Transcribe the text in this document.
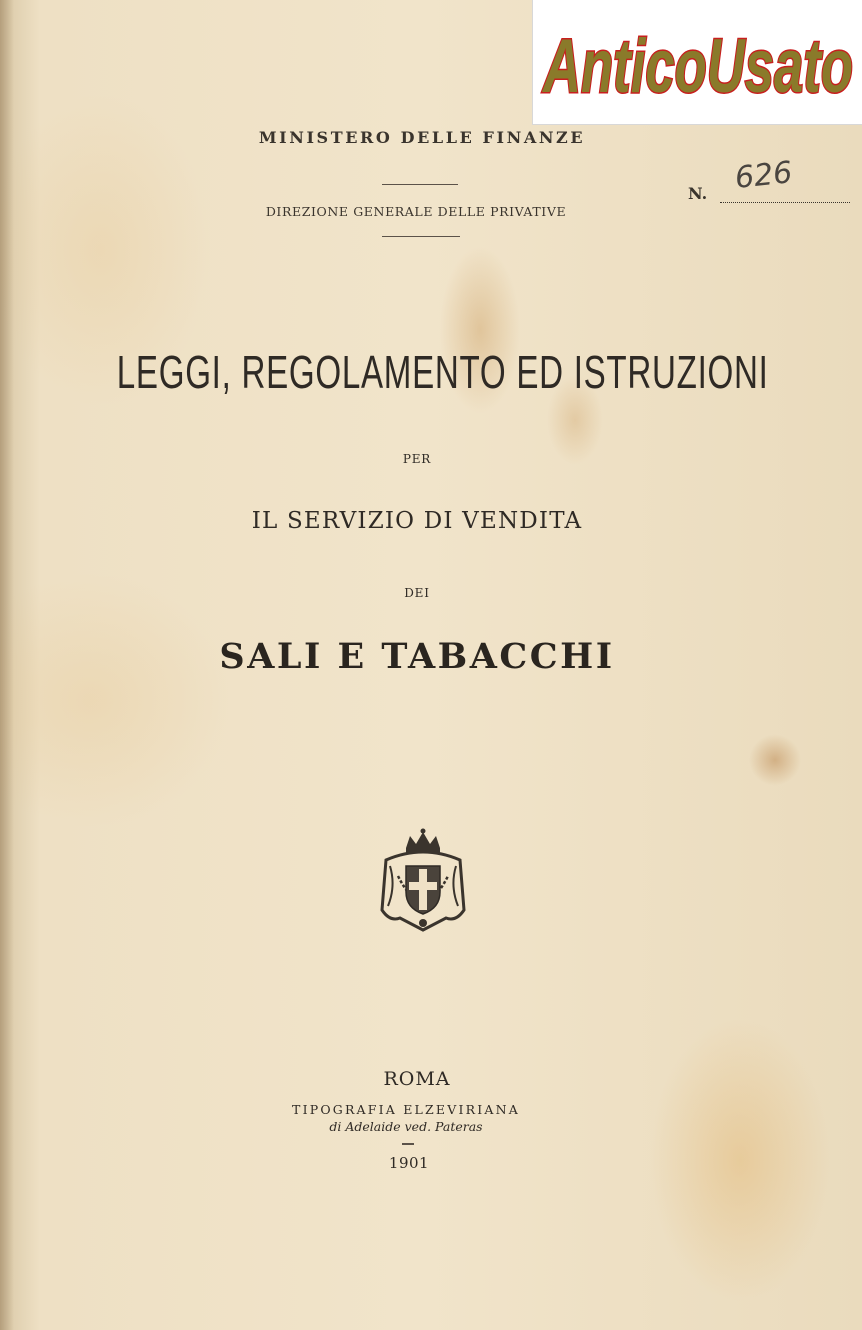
AnticoUsato
MINISTERO DELLE FINANZE
DIREZIONE GENERALE DELLE PRIVATIVE
N. 626
LEGGI, REGOLAMENTO ED ISTRUZIONI
PER
IL SERVIZIO DI VENDITA
DEI
SALI E TABACCHI
ROMA
TIPOGRAFIA ELZEVIRIANA
di Adelaide ved. Pateras
1901
